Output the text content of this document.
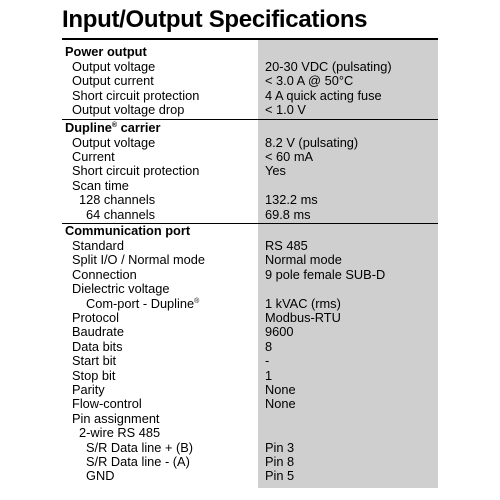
Input/Output Specifications
Power output
Output voltage	20-30 VDC (pulsating)
Output current	< 3.0 A @ 50°C
Short circuit protection	4 A quick acting fuse
Output voltage drop	< 1.0 V
Dupline® carrier
Output voltage	8.2 V (pulsating)
Current	< 60 mA
Short circuit protection	Yes
Scan time
128 channels	132.2 ms
64 channels	69.8 ms
Communication port
Standard	RS 485
Split I/O / Normal mode	Normal mode
Connection	9 pole female SUB-D
Dielectric voltage
Com-port - Dupline®	1 kVAC (rms)
Protocol	Modbus-RTU
Baudrate	9600
Data bits	8
Start bit	-
Stop bit	1
Parity	None
Flow-control	None
Pin assignment
2-wire RS 485
S/R Data line + (B)	Pin 3
S/R Data line - (A)	Pin 8
GND	Pin 5
